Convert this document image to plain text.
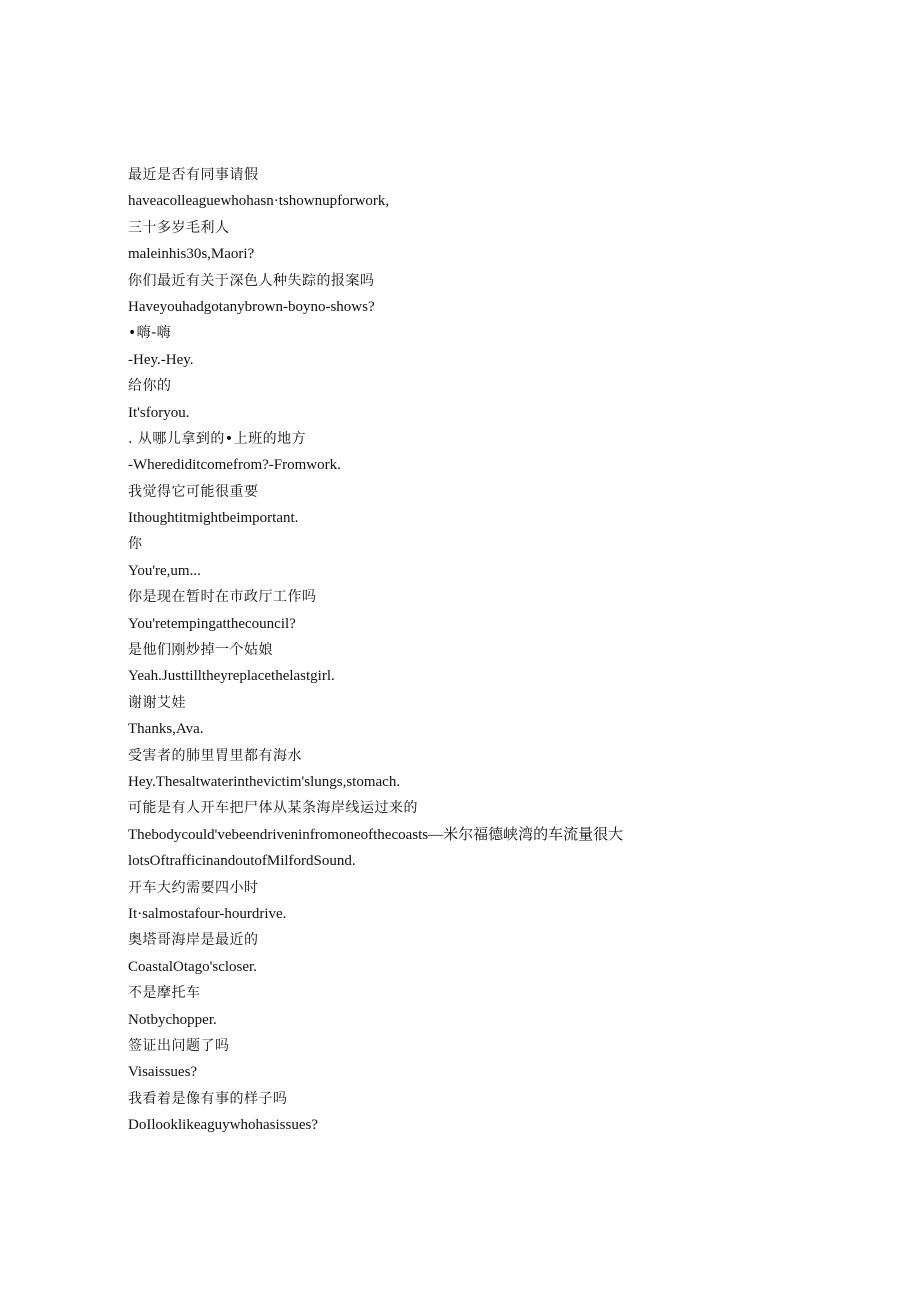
最近是否有同事请假
haveacolleaguewhohasn·tshownupforwork,
三十多岁毛利人
maleinhis30s,Maori?
你们最近有关于深色人种失踪的报案吗
Haveyouhadgotanybrown-boyno-shows?
•嗨-嗨
-Hey.-Hey.
给你的
It'sforyou.
. 从哪儿拿到的•上班的地方
-Wherediditcomefrom?-Fromwork.
我觉得它可能很重要
Ithoughtitmightbeimportant.
你
You're,um...
你是现在暂时在市政厅工作吗
You'retempingatthecouncil?
是他们刚炒掉一个姑娘
Yeah.Justtilltheyreplacethelastgirl.
谢谢艾娃
Thanks,Ava.
受害者的肺里胃里都有海水
Hey.Thesaltwaterinthevictim'slungs,stomach.
可能是有人开车把尸体从某条海岸线运过来的
Thebodycould'vebeendriveninfromoneofthecoasts—米尔福德峡湾的车流量很大
lotsOftrafficinandoutofMilfordSound.
开车大约需要四小时
It·salmostafour-hourdrive.
奥塔哥海岸是最近的
CoastalOtago'scloser.
不是摩托车
Notbychopper.
签证出问题了吗
Visaissues?
我看着是像有事的样子吗
DoIlooklikeaguywhohasissues?
